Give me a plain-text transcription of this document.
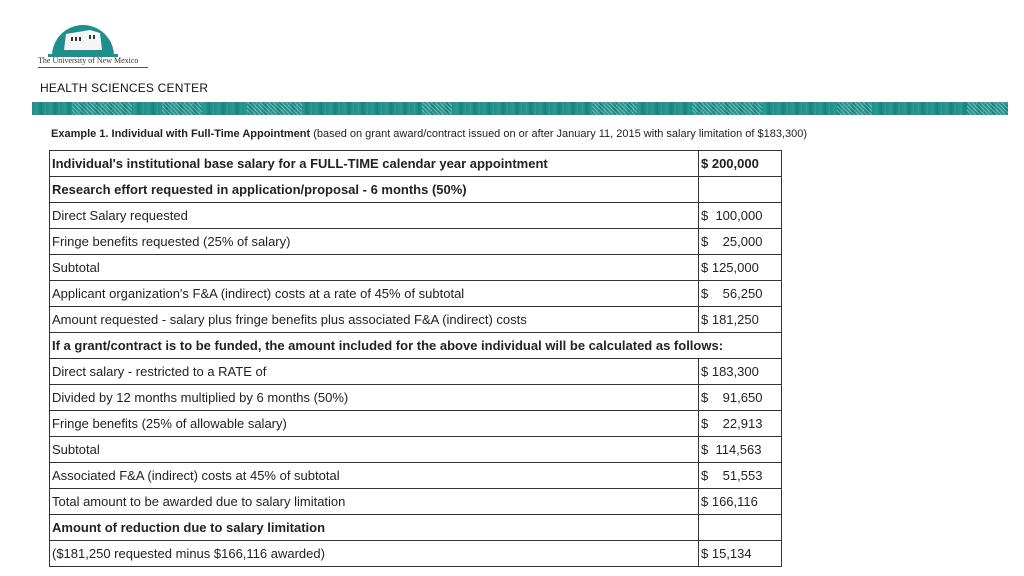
The University of New Mexico
HEALTH SCIENCES CENTER
Example 1. Individual with Full-Time Appointment (based on grant award/contract issued on or after January 11, 2015 with salary limitation of $183,300)
Individual's institutional base salary for a FULL-TIME calendar year appointment	$ 200,000
Research effort requested in application/proposal - 6 months (50%)	
Direct Salary requested	$  100,000
Fringe benefits requested (25% of salary)	$    25,000
Subtotal	$ 125,000
Applicant organization's F&A (indirect) costs at a rate of 45% of subtotal	$    56,250
Amount requested - salary plus fringe benefits plus associated F&A (indirect) costs	$ 181,250
If a grant/contract is to be funded, the amount included for the above individual will be calculated as follows:	
Direct salary - restricted to a RATE of	$ 183,300
Divided by 12 months multiplied by 6 months (50%)	$    91,650
Fringe benefits (25% of allowable salary)	$    22,913
Subtotal	$  114,563
Associated F&A (indirect) costs at 45% of subtotal	$    51,553
Total amount to be awarded due to salary limitation	$ 166,116
Amount of reduction due to salary limitation	
($181,250 requested minus $166,116 awarded)	$ 15,134
